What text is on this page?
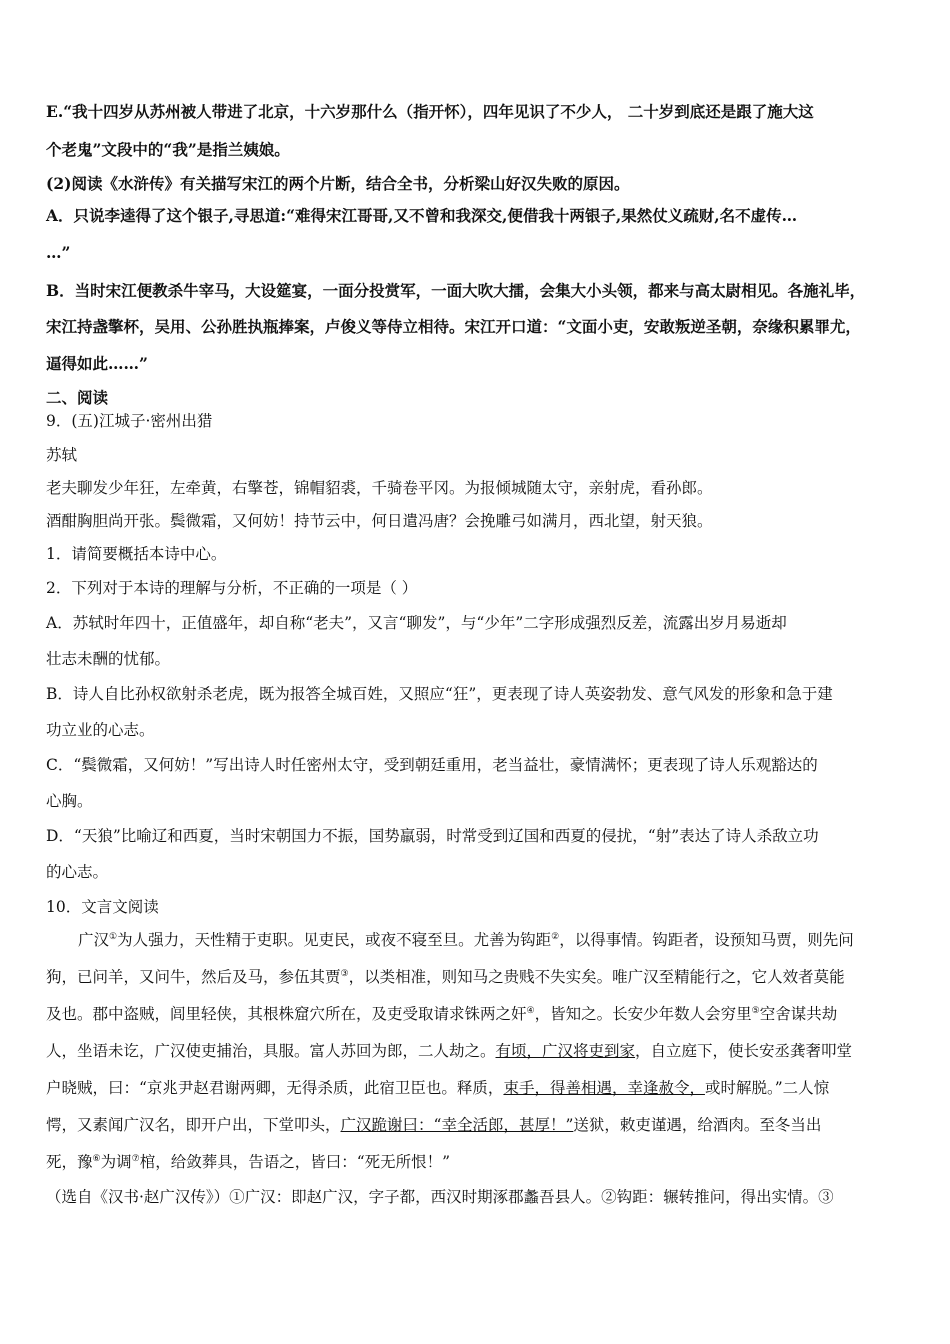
E.“我十四岁从苏州被人带进了北京，十六岁那什么（指开怀），四年见识了不少人， 二十岁到底还是跟了施大这
个老鬼”文段中的“我”是指兰姨娘。
(2)阅读《水浒传》有关描写宋江的两个片断，结合全书，分析梁山好汉失败的原因。
A．只说李逵得了这个银子,寻思道:“难得宋江哥哥,又不曾和我深交,便借我十两银子,果然仗义疏财,名不虚传…
…”
B．当时宋江便教杀牛宰马，大设筵宴，一面分投赏军，一面大吹大擂，会集大小头领，都来与高太尉相见。各施礼毕，
宋江持盏擎杯，吴用、公孙胜执瓶捧案，卢俊义等侍立相待。宋江开口道：“文面小吏，安敢叛逆圣朝，奈缘积累罪尤，
逼得如此……”
二、阅读
9．(五)江城子·密州出猎
苏轼
老夫聊发少年狂，左牵黄，右擎苍，锦帽貂裘，千骑卷平冈。为报倾城随太守，亲射虎，看孙郎。
酒酣胸胆尚开张。鬓微霜，又何妨！持节云中，何日遣冯唐？会挽雕弓如满月，西北望，射天狼。
1．请简要概括本诗中心。
2．下列对于本诗的理解与分析，不正确的一项是（ ）
A．苏轼时年四十，正值盛年，却自称“老夫”，又言“聊发”，与“少年”二字形成强烈反差，流露出岁月易逝却
壮志未酬的忧郁。
B．诗人自比孙权欲射杀老虎，既为报答全城百姓，又照应“狂”，更表现了诗人英姿勃发、意气风发的形象和急于建
功立业的心志。
C．“鬓微霜，又何妨！”写出诗人时任密州太守，受到朝廷重用，老当益壮，豪情满怀；更表现了诗人乐观豁达的
心胸。
D．“天狼”比喻辽和西夏，当时宋朝国力不振，国势羸弱，时常受到辽国和西夏的侵扰，“射”表达了诗人杀敌立功
的心志。
10．文言文阅读
广汉①为人强力，天性精于吏职。见吏民，或夜不寝至旦。尤善为钩距②，以得事情。钩距者，设预知马贾，则先问
狗，已问羊，又问牛，然后及马，参伍其贾③，以类相准，则知马之贵贱不失实矣。唯广汉至精能行之，它人效者莫能
及也。郡中盗贼，闾里轻侠，其根株窟穴所在，及吏受取请求铢两之奸④，皆知之。长安少年数人会穷里⑤空舍谋共劫
人，坐语未讫，广汉使吏捕治，具服。富人苏回为郎，二人劫之。有顷，广汉将吏到家，自立庭下，使长安丞龚奢叩堂
户晓贼，曰：“京兆尹赵君谢两卿，无得杀质，此宿卫臣也。释质，束手，得善相遇，幸逢赦令，或时解脱。”二人惊
愕，又素闻广汉名，即开户出，下堂叩头，广汉跪谢曰：“幸全活郎，甚厚！”送狱，敕吏谨遇，给酒肉。至冬当出
死，豫⑥为调⑦棺，给敛葬具，告语之，皆曰：“死无所恨！”
（选自《汉书·赵广汉传》）①广汉：即赵广汉，字子都，西汉时期涿郡蠡吾县人。②钩距：辗转推问，得出实情。③
